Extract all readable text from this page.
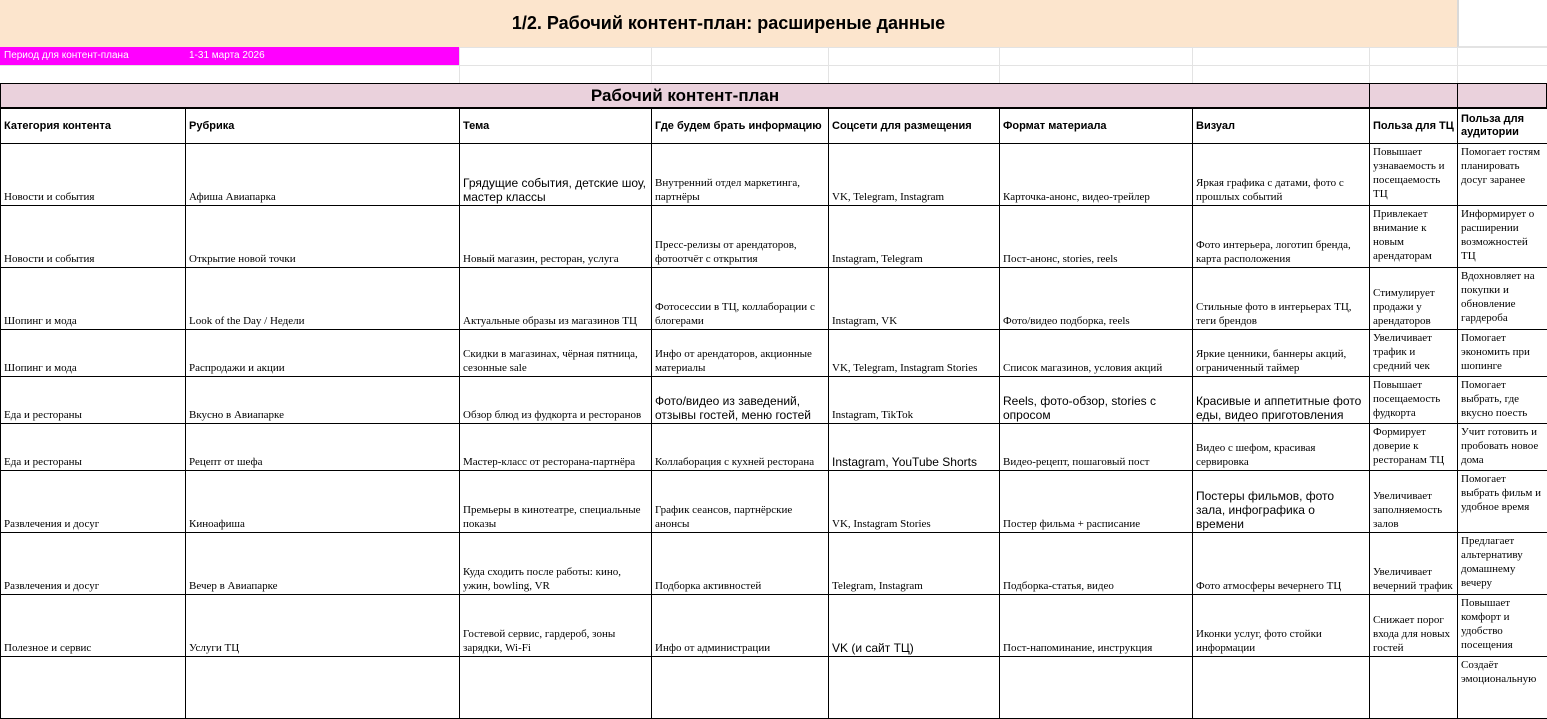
1/2. Рабочий контент-план: расширеные данные
Период для контент-плана	1-31 марта 2026
Рабочий контент-план
Категория контента	Рубрика	Тема	Где будем брать информацию	Соцсети для размещения	Формат материала	Визуал	Польза для ТЦ	Польза для аудитории
Новости и события	Афиша Авиапарка	Грядущие события, детские шоу, мастер классы	Внутренний отдел маркетинга, партнёры	VK, Telegram, Instagram	Карточка-анонс, видео-трейлер	Яркая графика с датами, фото с прошлых событий	Повышает узнаваемость и посещаемость ТЦ	Помогает гостям планировать досуг заранее
Новости и события	Открытие новой точки	Новый магазин, ресторан, услуга	Пресс-релизы от арендаторов, фотоотчёт с открытия	Instagram, Telegram	Пост-анонс, stories, reels	Фото интерьера, логотип бренда, карта расположения	Привлекает внимание к новым арендаторам	Информирует о расширении возможностей ТЦ
Шопинг и мода	Look of the Day / Недели	Актуальные образы из магазинов ТЦ	Фотосессии в ТЦ, коллаборации с блогерами	Instagram, VK	Фото/видео подборка, reels	Стильные фото в интерьерах ТЦ, теги брендов	Стимулирует продажи у арендаторов	Вдохновляет на покупки и обновление гардероба
Шопинг и мода	Распродажи и акции	Скидки в магазинах, чёрная пятница, сезонные sale	Инфо от арендаторов, акционные материалы	VK, Telegram, Instagram Stories	Список магазинов, условия акций	Яркие ценники, баннеры акций, ограниченный таймер	Увеличивает трафик и средний чек	Помогает экономить при шопинге
Еда и рестораны	Вкусно в Авиапарке	Обзор блюд из фудкорта и ресторанов	Фото/видео из заведений, отзывы гостей, меню гостей	Instagram, TikTok	Reels, фото-обзор, stories с опросом	Красивые и аппетитные фото еды, видео приготовления	Повышает посещаемость фудкорта	Помогает выбрать, где вкусно поесть
Еда и рестораны	Рецепт от шефа	Мастер-класс от ресторана-партнёра	Коллаборация с кухней ресторана	Instagram, YouTube Shorts	Видео-рецепт, пошаговый пост	Видео с шефом, красивая сервировка	Формирует доверие к ресторанам ТЦ	Учит готовить и пробовать новое дома
Развлечения и досуг	Киноафиша	Премьеры в кинотеатре, специальные показы	График сеансов, партнёрские анонсы	VK, Instagram Stories	Постер фильма + расписание	Постеры фильмов, фото зала, инфографика о времени	Увеличивает заполняемость залов	Помогает выбрать фильм и удобное время
Развлечения и досуг	Вечер в Авиапарке	Куда сходить после работы: кино, ужин, bowling, VR	Подборка активностей	Telegram, Instagram	Подборка-статья, видео	Фото атмосферы вечернего ТЦ	Увеличивает вечерний трафик	Предлагает альтернативу домашнему вечеру
Полезное и сервис	Услуги ТЦ	Гостевой сервис, гардероб, зоны зарядки, Wi-Fi	Инфо от администрации	VK (и сайт ТЦ)	Пост-напоминание, инструкция	Иконки услуг, фото стойки информации	Снижает порог входа для новых гостей	Повышает комфорт и удобство посещения
								Создаёт эмоциональную
